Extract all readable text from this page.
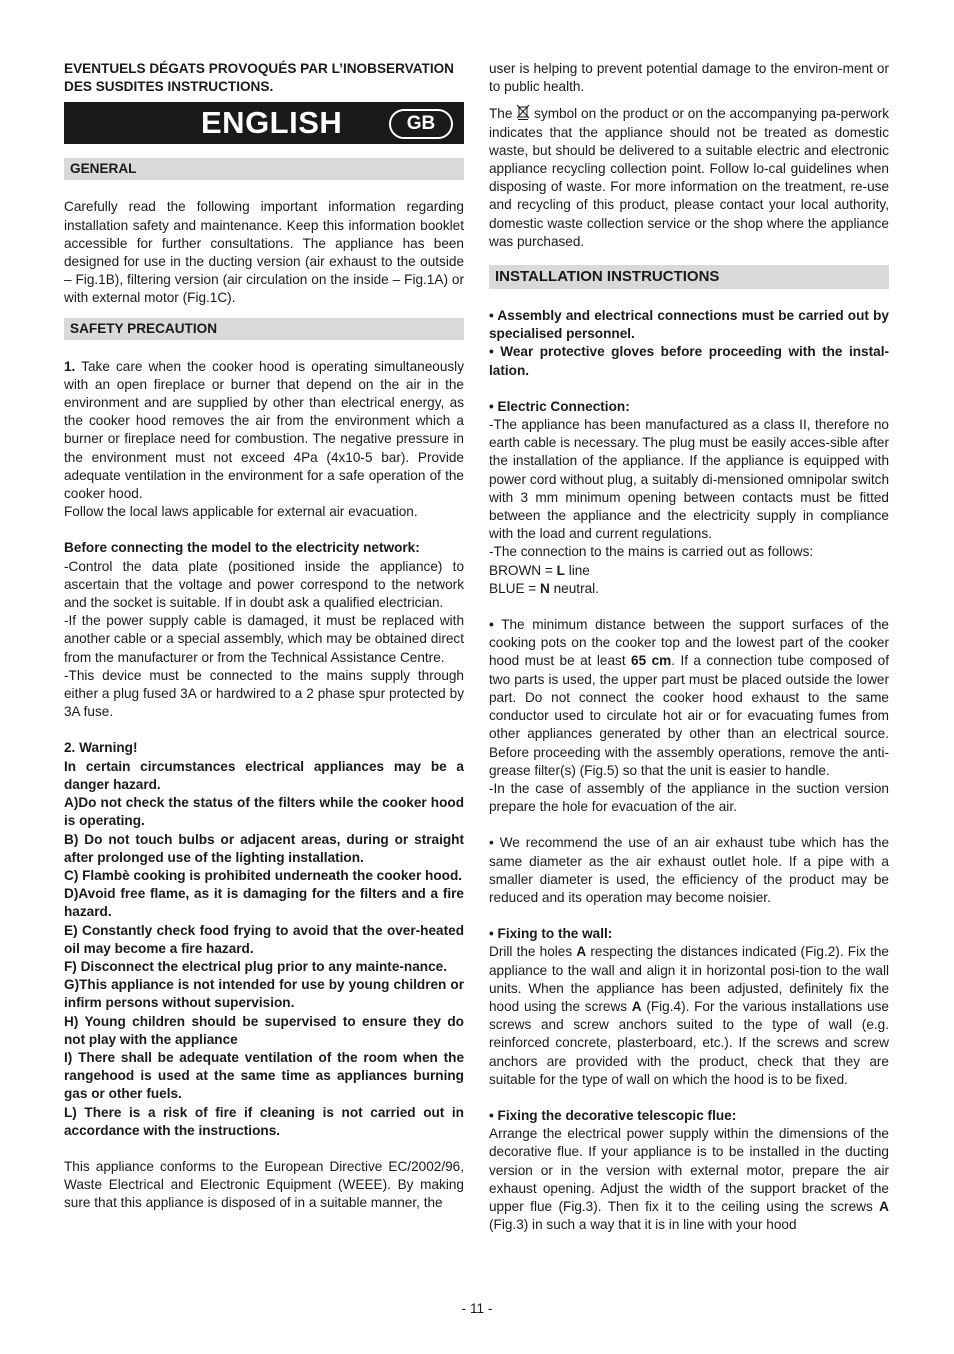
EVENTUELS DÉGATS PROVOQUÉS PAR L’INOBSERVATION DES SUSDITES INSTRUCTIONS.

ENGLISH	GB
GENERAL

Carefully read the following important information regarding installation safety and maintenance. Keep this information booklet accessible for further consultations. The appliance has been designed for use in the ducting version (air exhaust to the outside – Fig.1B), filtering version (air circulation on the inside – Fig.1A) or with external motor (Fig.1C).

SAFETY PRECAUTION

1. Take care when the cooker hood is operating simultaneously with an open fireplace or burner that depend on the air in the environment and are supplied by other than electrical energy, as the cooker hood removes the air from the environment which a burner or fireplace need for combustion. The negative pressure in the environment must not exceed 4Pa (4x10-5 bar). Provide adequate ventilation in the environment for a safe operation of the cooker hood.

Follow the local laws applicable for external air evacuation.

Before connecting the model to the electricity network:

-Control the data plate (positioned inside the appliance) to ascertain that the voltage and power correspond to the network and the socket is suitable. If in doubt ask a qualified electrician.

-If the power supply cable is damaged, it must be replaced with another cable or a special assembly, which may be obtained direct from the manufacturer or from the Technical Assistance Centre.

-This device must be connected to the mains supply through either a plug fused 3A or hardwired to a 2 phase spur protected by 3A fuse.

2. Warning!

In certain circumstances electrical appliances may be a danger hazard.

A)Do not check the status of the filters while the cooker hood is operating.

B) Do not touch bulbs or adjacent areas, during or straight after prolonged use of the lighting installation.

C) Flambè cooking is prohibited underneath the cooker hood.

D)Avoid free flame, as it is damaging for the filters and a fire hazard.

E) Constantly check food frying to avoid that the over-heated oil may become a fire hazard.

F) Disconnect the electrical plug prior to any mainte-nance.

G)This appliance is not intended for use by young children or infirm persons without supervision.

H) Young children should be supervised to ensure they do not play with the appliance

I) There shall be adequate ventilation of the room when the rangehood is used at the same time as appliances burning gas or other fuels.

L) There is a risk of fire if cleaning is not carried out in accordance with the instructions.

This appliance conforms to the European Directive EC/2002/96, Waste Electrical and Electronic Equipment (WEEE). By making sure that this appliance is disposed of in a suitable manner, the

user is helping to prevent potential damage to the environ-ment or to public health.

The  symbol on the product or on the accompanying pa-perwork indicates that the appliance should not be treated as domestic waste, but should be delivered to a suitable electric and electronic appliance recycling collection point. Follow lo-cal guidelines when disposing of waste. For more information on the treatment, re-use and recycling of this product, please contact your local authority, domestic waste collection service or the shop where the appliance was purchased.

INSTALLATION INSTRUCTIONS

• Assembly and electrical connections must be carried out by specialised personnel.

• Wear protective gloves before proceeding with the instal-lation.

• Electric Connection:

-The appliance has been manufactured as a class II, therefore no earth cable is necessary. The plug must be easily acces-sible after the installation of the appliance. If the appliance is equipped with power cord without plug, a suitably di-mensioned omnipolar switch with 3 mm minimum opening between contacts must be fitted between the appliance and the electricity supply in compliance with the load and current regulations.

-The connection to the mains is carried out as follows:

BROWN = L line

BLUE = N neutral.

• The minimum distance between the support surfaces of the cooking pots on the cooker top and the lowest part of the cooker hood must be at least 65 cm. If a connection tube composed of two parts is used, the upper part must be placed outside the lower part. Do not connect the cooker hood exhaust to the same conductor used to circulate hot air or for evacuating fumes from other appliances generated by other than an electrical source. Before proceeding with the assembly operations, remove the anti-grease filter(s) (Fig.5) so that the unit is easier to handle.

-In the case of assembly of the appliance in the suction version prepare the hole for evacuation of the air.

• We recommend the use of an air exhaust tube which has the same diameter as the air exhaust outlet hole. If a pipe with a smaller diameter is used, the efficiency of the product may be reduced and its operation may become noisier.

• Fixing to the wall:

Drill the holes A respecting the distances indicated (Fig.2). Fix the appliance to the wall and align it in horizontal posi-tion to the wall units. When the appliance has been adjusted, definitely fix the hood using the screws A (Fig.4). For the various installations use screws and screw anchors suited to the type of wall (e.g. reinforced concrete, plasterboard, etc.). If the screws and screw anchors are provided with the product, check that they are suitable for the type of wall on which the hood is to be fixed.

• Fixing the decorative telescopic flue:

Arrange the electrical power supply within the dimensions of the decorative flue. If your appliance is to be installed in the ducting version or in the version with external motor, prepare the air exhaust opening. Adjust the width of the support bracket of the upper flue (Fig.3). Then fix it to the ceiling using the screws A (Fig.3) in such a way that it is in line with your hood

- 11 -
